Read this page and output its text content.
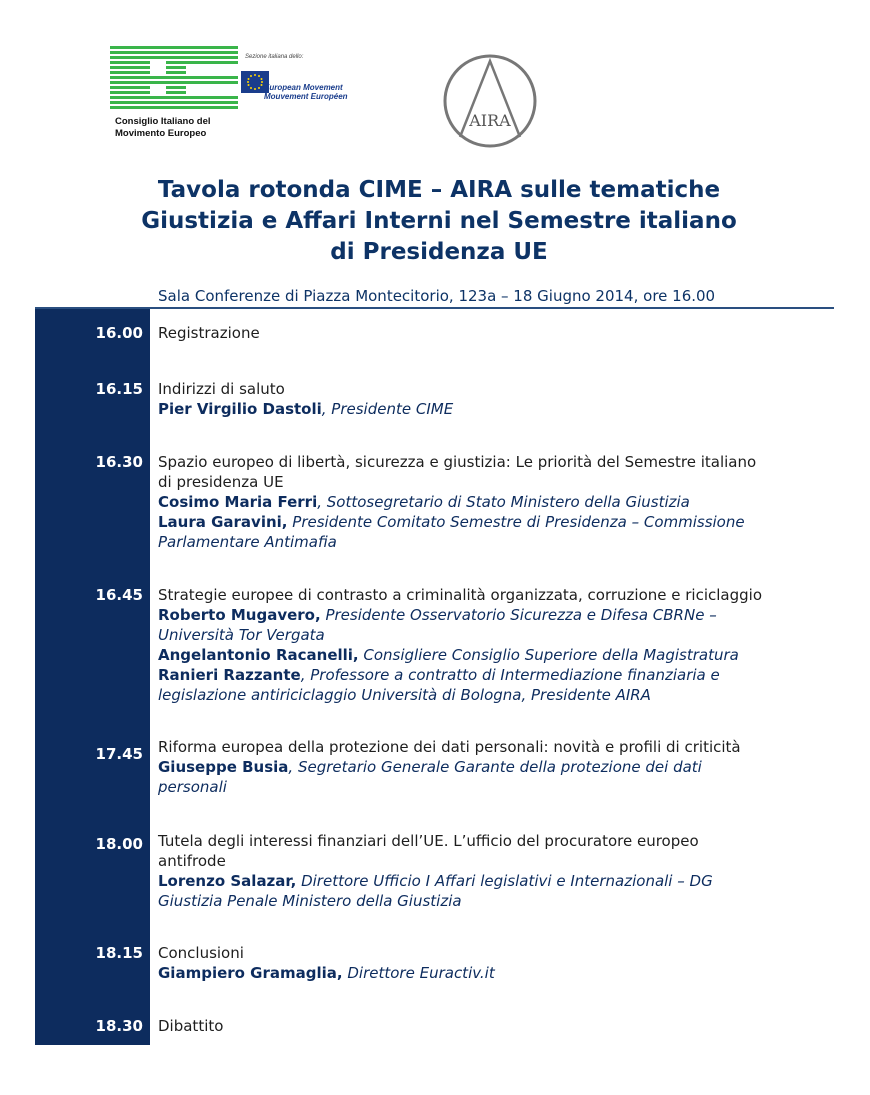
Sezione italiana dello:
European Movement
Mouvement Européen
Consiglio Italiano del
Movimento Europeo
AIRA
Tavola rotonda CIME – AIRA sulle tematiche
Giustizia e Affari Interni nel Semestre italiano
di Presidenza UE
Sala Conferenze di Piazza Montecitorio, 123a – 18 Giugno 2014, ore 16.00
16.00 Registrazione
16.15 Indirizzi di saluto
Pier Virgilio Dastoli, Presidente CIME
16.30 Spazio europeo di libertà, sicurezza e giustizia: Le priorità del Semestre italiano
di presidenza UE
Cosimo Maria Ferri, Sottosegretario di Stato Ministero della Giustizia
Laura Garavini, Presidente Comitato Semestre di Presidenza – Commissione
Parlamentare Antimafia
16.45 Strategie europee di contrasto a criminalità organizzata, corruzione e riciclaggio
Roberto Mugavero, Presidente Osservatorio Sicurezza e Difesa CBRNe –
Università Tor Vergata
Angelantonio Racanelli, Consigliere Consiglio Superiore della Magistratura
Ranieri Razzante, Professore a contratto di Intermediazione finanziaria e
legislazione antiriciclaggio Università di Bologna, Presidente AIRA
17.45 Riforma europea della protezione dei dati personali: novità e profili di criticità
Giuseppe Busia, Segretario Generale Garante della protezione dei dati
personali
18.00 Tutela degli interessi finanziari dell’UE. L’ufficio del procuratore europeo
antifrode
Lorenzo Salazar, Direttore Ufficio I Affari legislativi e Internazionali – DG
Giustizia Penale Ministero della Giustizia
18.15 Conclusioni
Giampiero Gramaglia, Direttore Euractiv.it
18.30 Dibattito
